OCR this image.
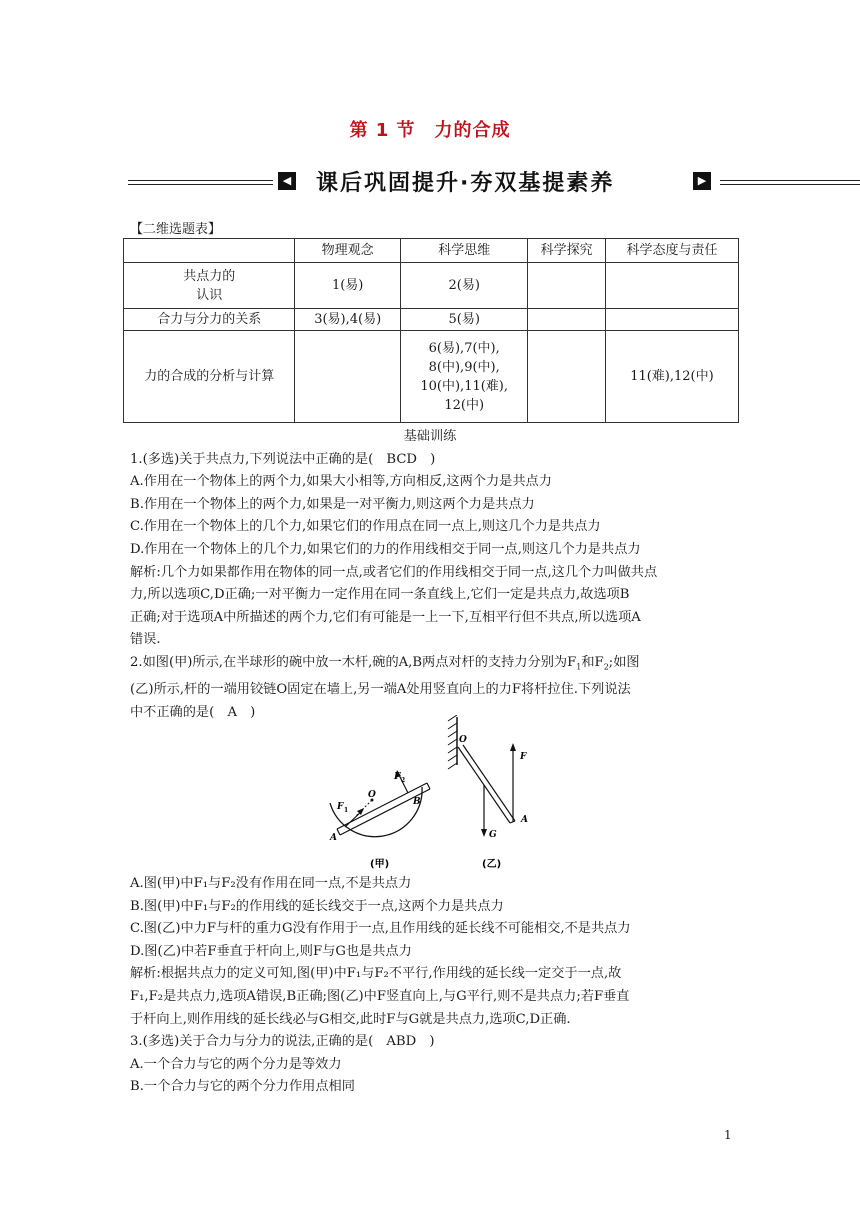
第 1 节　力的合成
◀ 课后巩固提升·夯双基提素养	▶
【二维选题表】
	物理观念	科学思维	科学探究	科学态度与责任

共点力的
认识	1(易)	2(易)		
合力与分力的关系	3(易),4(易)	5(易)		
力的合成的分析与计算		6(易),7(中),
8(中),9(中),
10(中),11(难),
12(中)		11(难),12(中)

基础训练

1.(多选)关于共点力,下列说法中正确的是(　BCD　)

A.作用在一个物体上的两个力,如果大小相等,方向相反,这两个力是共点力

B.作用在一个物体上的两个力,如果是一对平衡力,则这两个力是共点力

C.作用在一个物体上的几个力,如果它们的作用点在同一点上,则这几个力是共点力

D.作用在一个物体上的几个力,如果它们的力的作用线相交于同一点,则这几个力是共点力

解析:几个力如果都作用在物体的同一点,或者它们的作用线相交于同一点,这几个力叫做共点

力,所以选项C,D正确;一对平衡力一定作用在同一条直线上,它们一定是共点力,故选项B

正确;对于选项A中所描述的两个力,它们有可能是一上一下,互相平行但不共点,所以选项A

错误.

2.如图(甲)所示,在半球形的碗中放一木杆,碗的A,B两点对杆的支持力分别为$F_1$和$F_2$;如图

(乙)所示,杆的一端用铰链O固定在墙上,另一端A处用竖直向上的力F将杆拉住.下列说法

中不正确的是(　A　)

F 2
F 1
O
A
B
(甲)
F
G
O
A
(乙)

A.图(甲)中F₁与F₂没有作用在同一点,不是共点力

B.图(甲)中F₁与F₂的作用线的延长线交于一点,这两个力是共点力

C.图(乙)中力F与杆的重力G没有作用于一点,且作用线的延长线不可能相交,不是共点力

D.图(乙)中若F垂直于杆向上,则F与G也是共点力

解析:根据共点力的定义可知,图(甲)中F₁与F₂不平行,作用线的延长线一定交于一点,故

F₁,F₂是共点力,选项A错误,B正确;图(乙)中F竖直向上,与G平行,则不是共点力;若F垂直

于杆向上,则作用线的延长线必与G相交,此时F与G就是共点力,选项C,D正确.

3.(多选)关于合力与分力的说法,正确的是(　ABD　)

A.一个合力与它的两个分力是等效力

B.一个合力与它的两个分力作用点相同

1
